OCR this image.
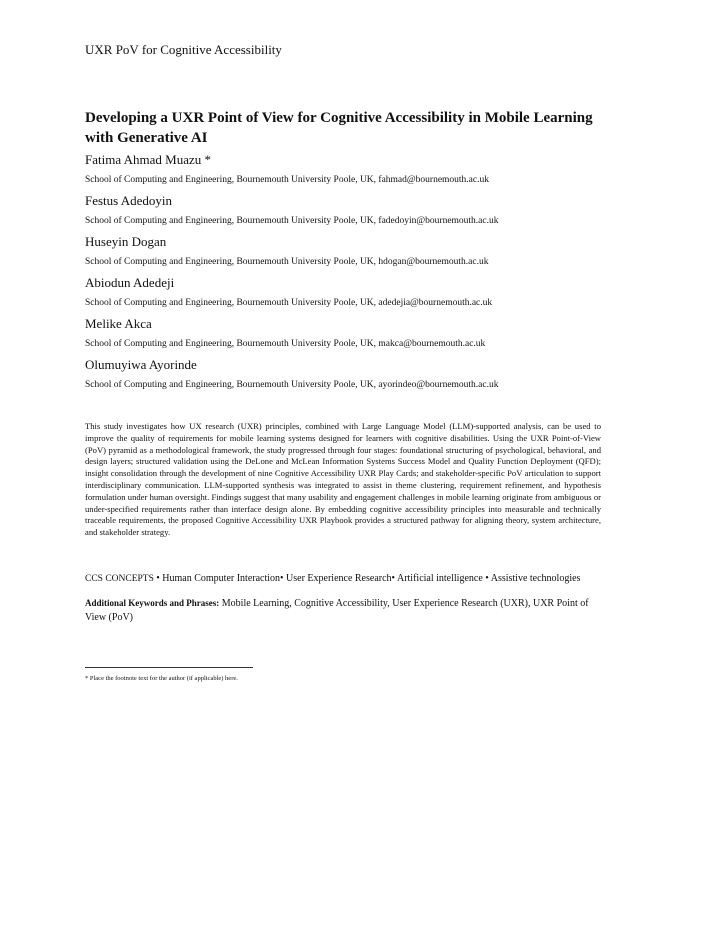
UXR PoV for Cognitive Accessibility
Developing a UXR Point of View for Cognitive Accessibility in Mobile Learning with Generative AI
Fatima Ahmad Muazu *
School of Computing and Engineering, Bournemouth University Poole, UK, fahmad@bournemouth.ac.uk
Festus Adedoyin
School of Computing and Engineering, Bournemouth University Poole, UK, fadedoyin@bournemouth.ac.uk
Huseyin Dogan
School of Computing and Engineering, Bournemouth University Poole, UK, hdogan@bournemouth.ac.uk
Abiodun Adedeji
School of Computing and Engineering, Bournemouth University Poole, UK, adedejia@bournemouth.ac.uk
Melike Akca
School of Computing and Engineering, Bournemouth University Poole, UK, makca@bournemouth.ac.uk
Olumuyiwa Ayorinde
School of Computing and Engineering, Bournemouth University Poole, UK, ayorindeo@bournemouth.ac.uk

This study investigates how UX research (UXR) principles, combined with Large Language Model (LLM)-supported analysis, can be used to improve the quality of requirements for mobile learning systems designed for learners with cognitive disabilities. Using the UXR Point-of-View (PoV) pyramid as a methodological framework, the study progressed through four stages: foundational structuring of psychological, behavioral, and design layers; structured validation using the DeLone and McLean Information Systems Success Model and Quality Function Deployment (QFD); insight consolidation through the development of nine Cognitive Accessibility UXR Play Cards; and stakeholder-specific PoV articulation to support interdisciplinary communication. LLM-supported synthesis was integrated to assist in theme clustering, requirement refinement, and hypothesis formulation under human oversight. Findings suggest that many usability and engagement challenges in mobile learning originate from ambiguous or under-specified requirements rather than interface design alone. By embedding cognitive accessibility principles into measurable and technically traceable requirements, the proposed Cognitive Accessibility UXR Playbook provides a structured pathway for aligning theory, system architecture, and stakeholder strategy.

CCS CONCEPTS • Human Computer Interaction• User Experience Research• Artificial intelligence • Assistive technologies
Additional Keywords and Phrases: Mobile Learning, Cognitive Accessibility, User Experience Research (UXR), UXR Point of View (PoV)
* Place the footnote text for the author (if applicable) here.
